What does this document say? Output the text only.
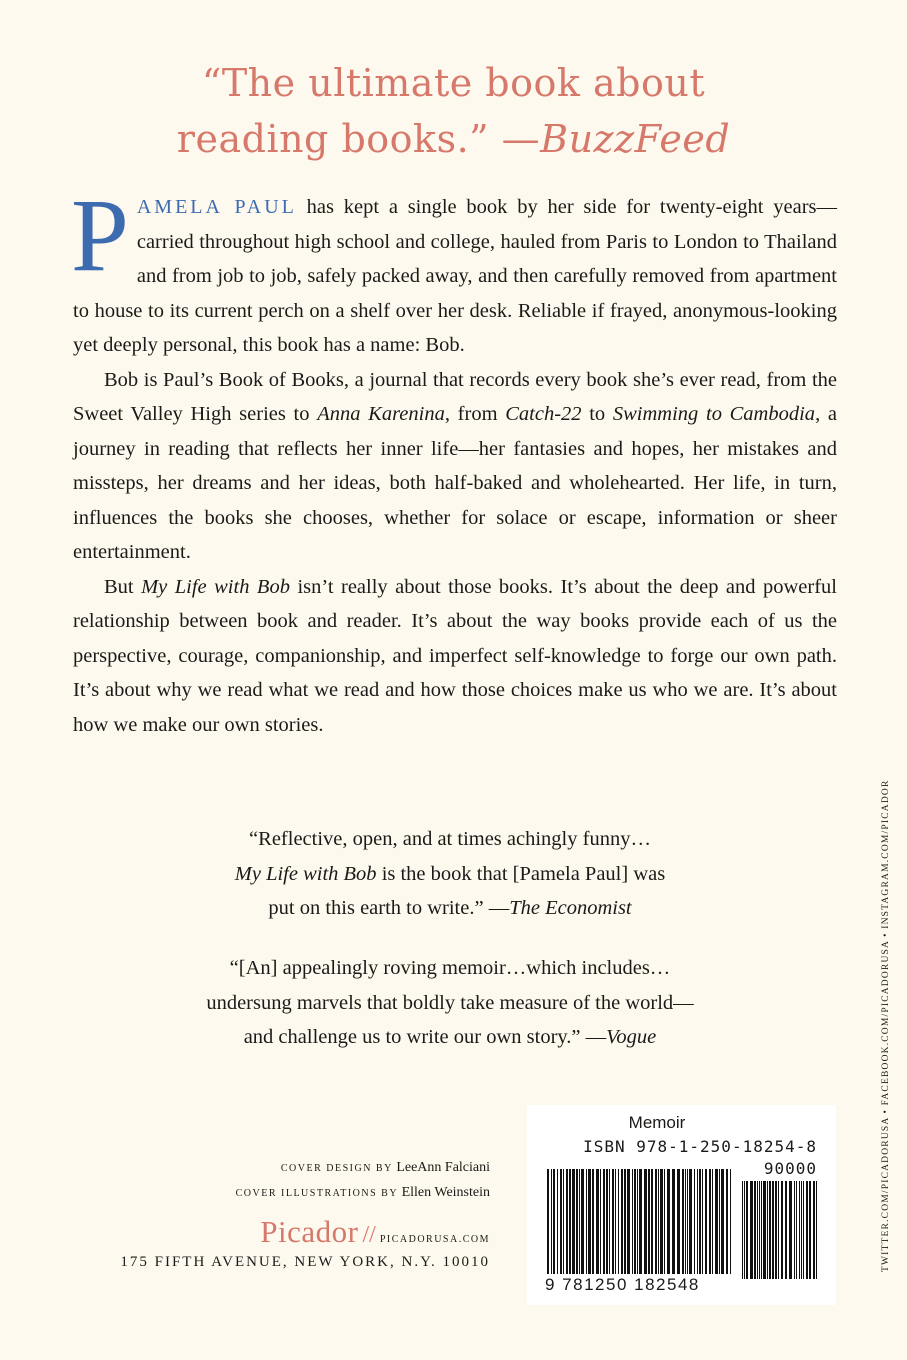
“The ultimate book about
reading books.” —BuzzFeed

PAMELA PAUL has kept a single book by her side for twenty-eight years—carried throughout high school and college, hauled from Paris to London to Thailand and from job to job, safely packed away, and then carefully removed from apartment to house to its current perch on a shelf over her desk. Reliable if frayed, anonymous-looking yet deeply personal, this book has a name: Bob.

Bob is Paul’s Book of Books, a journal that records every book she’s ever read, from the Sweet Valley High series to Anna Karenina, from Catch-22 to Swimming to Cambodia, a journey in reading that reflects her inner life—her fantasies and hopes, her mistakes and missteps, her dreams and her ideas, both half-baked and wholehearted. Her life, in turn, influences the books she chooses, whether for solace or escape, information or sheer entertainment.

But My Life with Bob isn’t really about those books. It’s about the deep and powerful relationship between book and reader. It’s about the way books provide each of us the perspective, courage, companionship, and imperfect self-knowledge to forge our own path. It’s about why we read what we read and how those choices make us who we are. It’s about how we make our own stories.

“Reflective, open, and at times achingly funny…
My Life with Bob is the book that [Pamela Paul] was
put on this earth to write.” —The Economist
“[An] appealingly roving memoir…which includes…
undersung marvels that boldly take measure of the world—
and challenge us to write our own story.” —Vogue	TWITTER.COM/PICADORUSA • FACEBOOK.COM/PICADORUSA • INSTAGRAM.COM/PICADOR
COVER DESIGN BY LeeAnn Falciani
COVER ILLUSTRATIONS BY Ellen Weinstein
Picador // PICADORUSA.COM
175 FIFTH AVENUE, NEW YORK, N.Y. 10010
Memoir
ISBN 978-1-250-18254-8
90000
9 781250 182548
